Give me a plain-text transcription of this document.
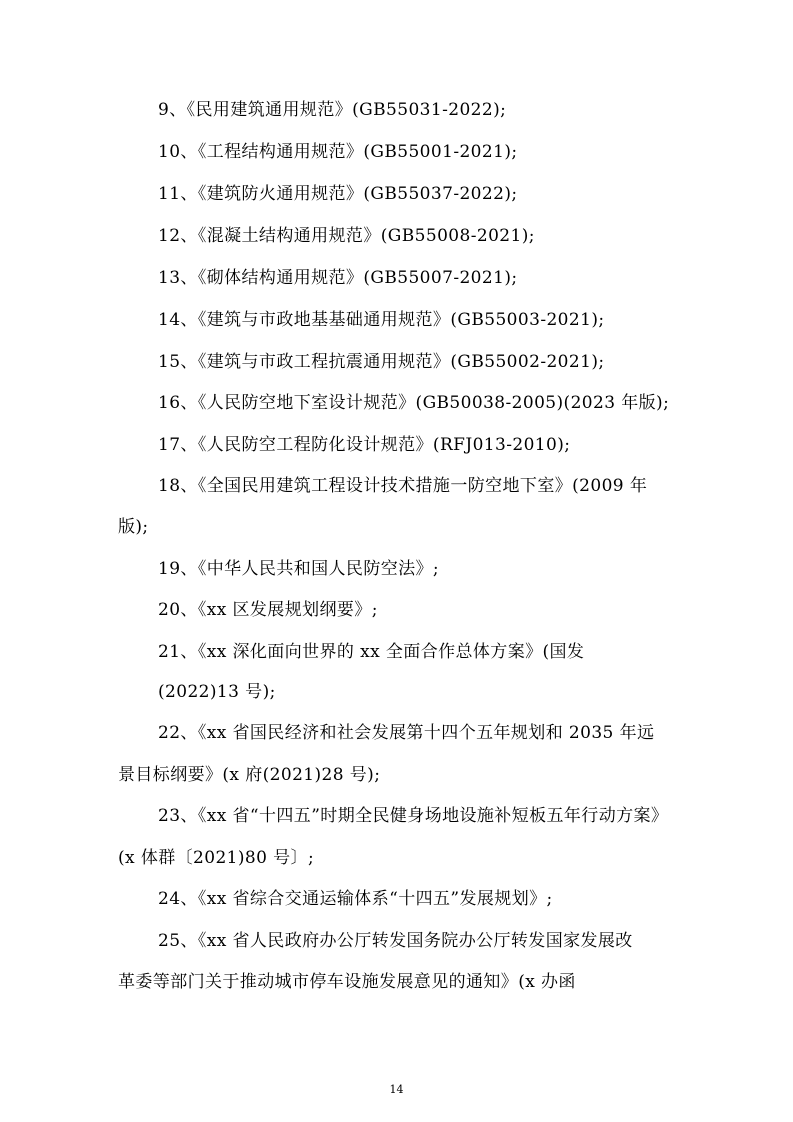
9、《民用建筑通用规范》(GB55031-2022);
10、《工程结构通用规范》(GB55001-2021);
11、《建筑防火通用规范》(GB55037-2022);
12、《混凝土结构通用规范》(GB55008-2021);
13、《砌体结构通用规范》(GB55007-2021);
14、《建筑与市政地基基础通用规范》(GB55003-2021);
15、《建筑与市政工程抗震通用规范》(GB55002-2021);
16、《人民防空地下室设计规范》(GB50038-2005)(2023 年版);
17、《人民防空工程防化设计规范》(RFJ013-2010);
18、《全国民用建筑工程设计技术措施一防空地下室》(2009 年
版);
19、《中华人民共和国人民防空法》;
20、《xx 区发展规划纲要》;
21、《xx 深化面向世界的 xx 全面合作总体方案》(国发
(2022)13 号);
22、《xx 省国民经济和社会发展第十四个五年规划和 2035 年远
景目标纲要》(x 府(2021)28 号);
23、《xx 省“十四五”时期全民健身场地设施补短板五年行动方案》
(x 体群〔2021)80 号〕;
24、《xx 省综合交通运输体系“十四五”发展规划》;
25、《xx 省人民政府办公厅转发国务院办公厅转发国家发展改
革委等部门关于推动城市停车设施发展意见的通知》(x 办函
14
